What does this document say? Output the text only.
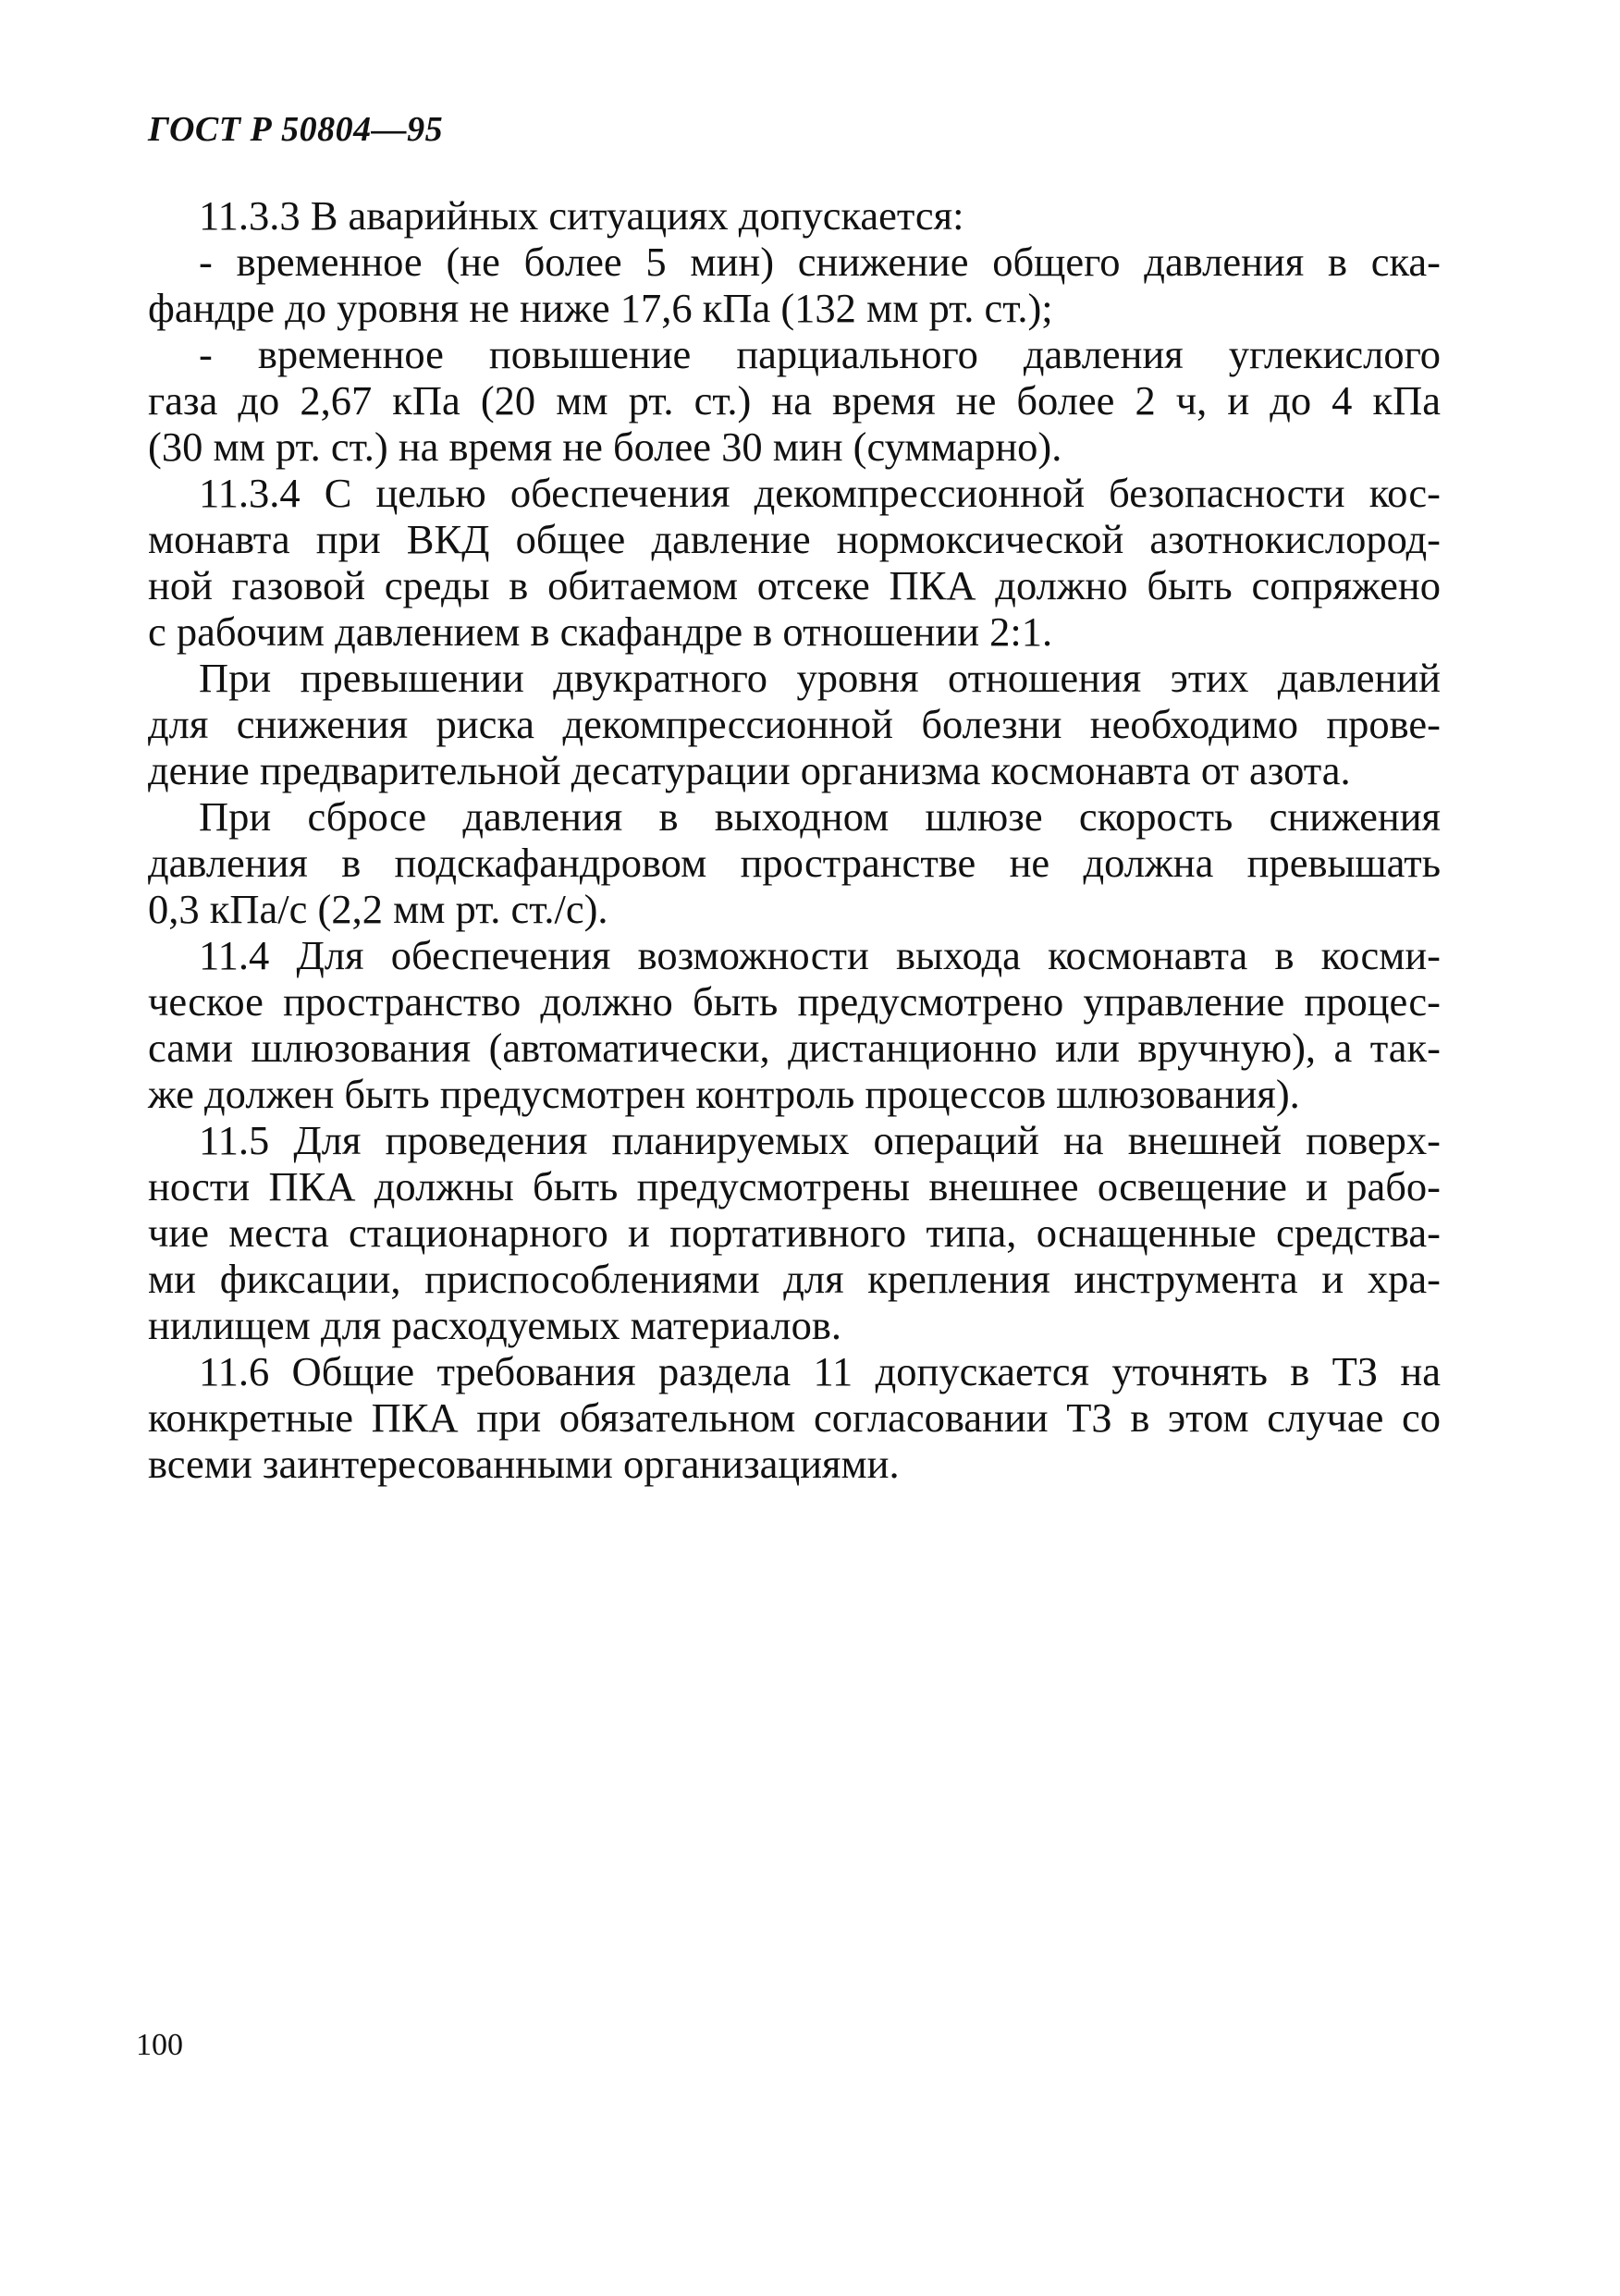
ГОСТ Р 50804—95

11.3.3 В аварийных ситуациях допускается:

- временное (не более 5 мин) снижение общего давления в ска-
фандре до уровня не ниже 17,6 кПа (132 мм рт. ст.);

- временное повышение парциального давления углекислого
газа до 2,67 кПа (20 мм рт. ст.) на время не более 2 ч, и до 4 кПа
(30 мм рт. ст.) на время не более 30 мин (суммарно).

11.3.4 С целью обеспечения декомпрессионной безопасности кос-
монавта при ВКД общее давление нормоксической азотнокислород-
ной газовой среды в обитаемом отсеке ПКА должно быть сопряжено
с рабочим давлением в скафандре в отношении 2:1.

При превышении двукратного уровня отношения этих давлений
для снижения риска декомпрессионной болезни необходимо прове-
дение предварительной десатурации организма космонавта от азота.

При сбросе давления в выходном шлюзе скорость снижения
давления в подскафандровом пространстве не должна превышать
0,3 кПа/с (2,2 мм рт. ст./с).

11.4 Для обеспечения возможности выхода космонавта в косми-
ческое пространство должно быть предусмотрено управление процес-
сами шлюзования (автоматически, дистанционно или вручную), а так-
же должен быть предусмотрен контроль процессов шлюзования).

11.5 Для проведения планируемых операций на внешней поверх-
ности ПКА должны быть предусмотрены внешнее освещение и рабо-
чие места стационарного и портативного типа, оснащенные средства-
ми фиксации, приспособлениями для крепления инструмента и хра-
нилищем для расходуемых материалов.

11.6 Общие требования раздела 11 допускается уточнять в ТЗ на
конкретные ПКА при обязательном согласовании ТЗ в этом случае со
всеми заинтересованными организациями.

100
